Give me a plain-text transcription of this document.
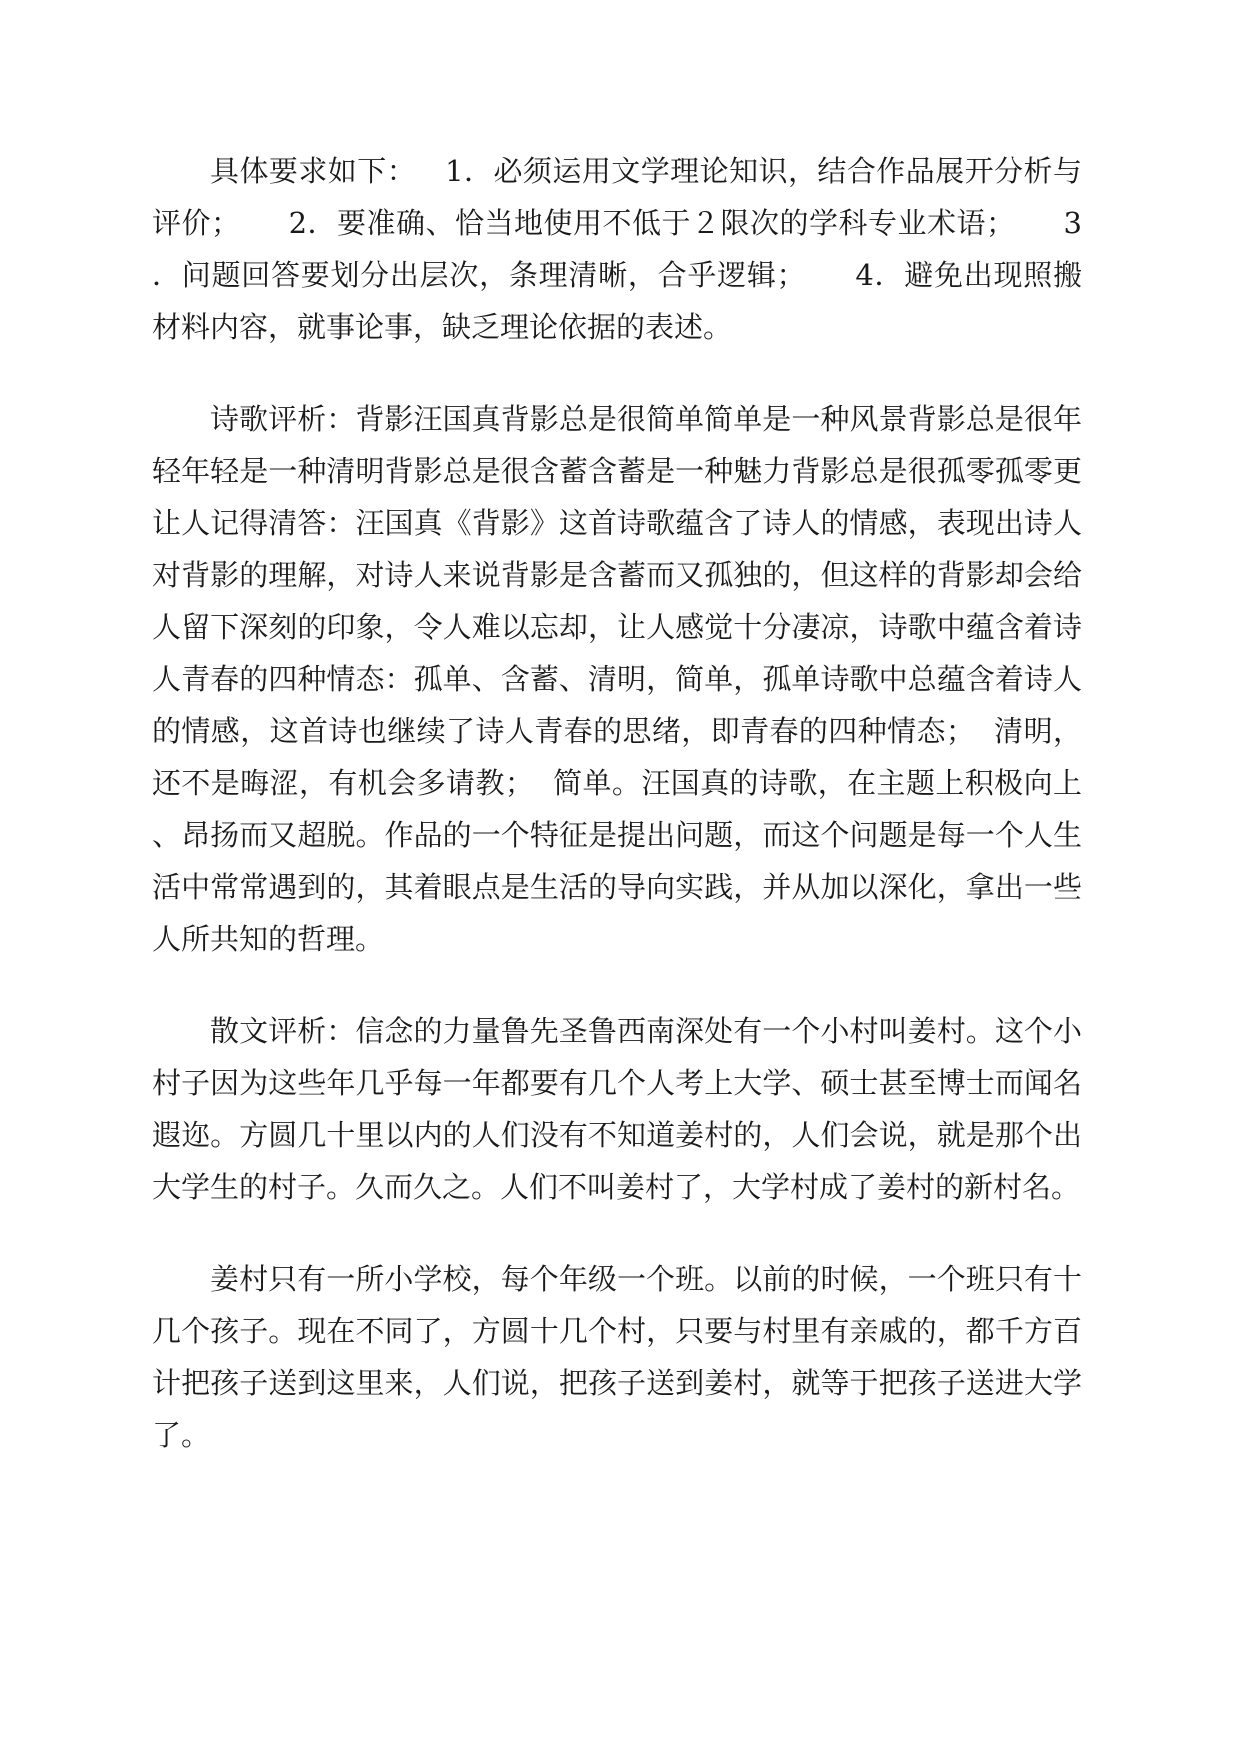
具体要求如下：   1．必须运用文学理论知识，结合作品展开分析与
评价；     2．要准确、恰当地使用不低于２限次的学科专业术语；     3
．问题回答要划分出层次，条理清晰，合乎逻辑；     4．避免出现照搬
材料内容，就事论事，缺乏理论依据的表述。
诗歌评析：背影汪国真背影总是很简单简单是一种风景背影总是很年
轻年轻是一种清明背影总是很含蓄含蓄是一种魅力背影总是很孤零孤零更
让人记得清答：汪国真《背影》这首诗歌蕴含了诗人的情感，表现出诗人
对背影的理解，对诗人来说背影是含蓄而又孤独的，但这样的背影却会给
人留下深刻的印象，令人难以忘却，让人感觉十分凄凉，诗歌中蕴含着诗
人青春的四种情态：孤单、含蓄、清明，简单，孤单诗歌中总蕴含着诗人
的情感，这首诗也继续了诗人青春的思绪，即青春的四种情态；  清明，
还不是晦涩，有机会多请教；  简单。汪国真的诗歌，在主题上积极向上
、昂扬而又超脱。作品的一个特征是提出问题，而这个问题是每一个人生
活中常常遇到的，其着眼点是生活的导向实践，并从加以深化，拿出一些
人所共知的哲理。
散文评析：信念的力量鲁先圣鲁西南深处有一个小村叫姜村。这个小
村子因为这些年几乎每一年都要有几个人考上大学、硕士甚至博士而闻名
遐迩。方圆几十里以内的人们没有不知道姜村的，人们会说，就是那个出
大学生的村子。久而久之。人们不叫姜村了，大学村成了姜村的新村名。
姜村只有一所小学校，每个年级一个班。以前的时候，一个班只有十
几个孩子。现在不同了，方圆十几个村，只要与村里有亲戚的，都千方百
计把孩子送到这里来，人们说，把孩子送到姜村，就等于把孩子送进大学
了。
